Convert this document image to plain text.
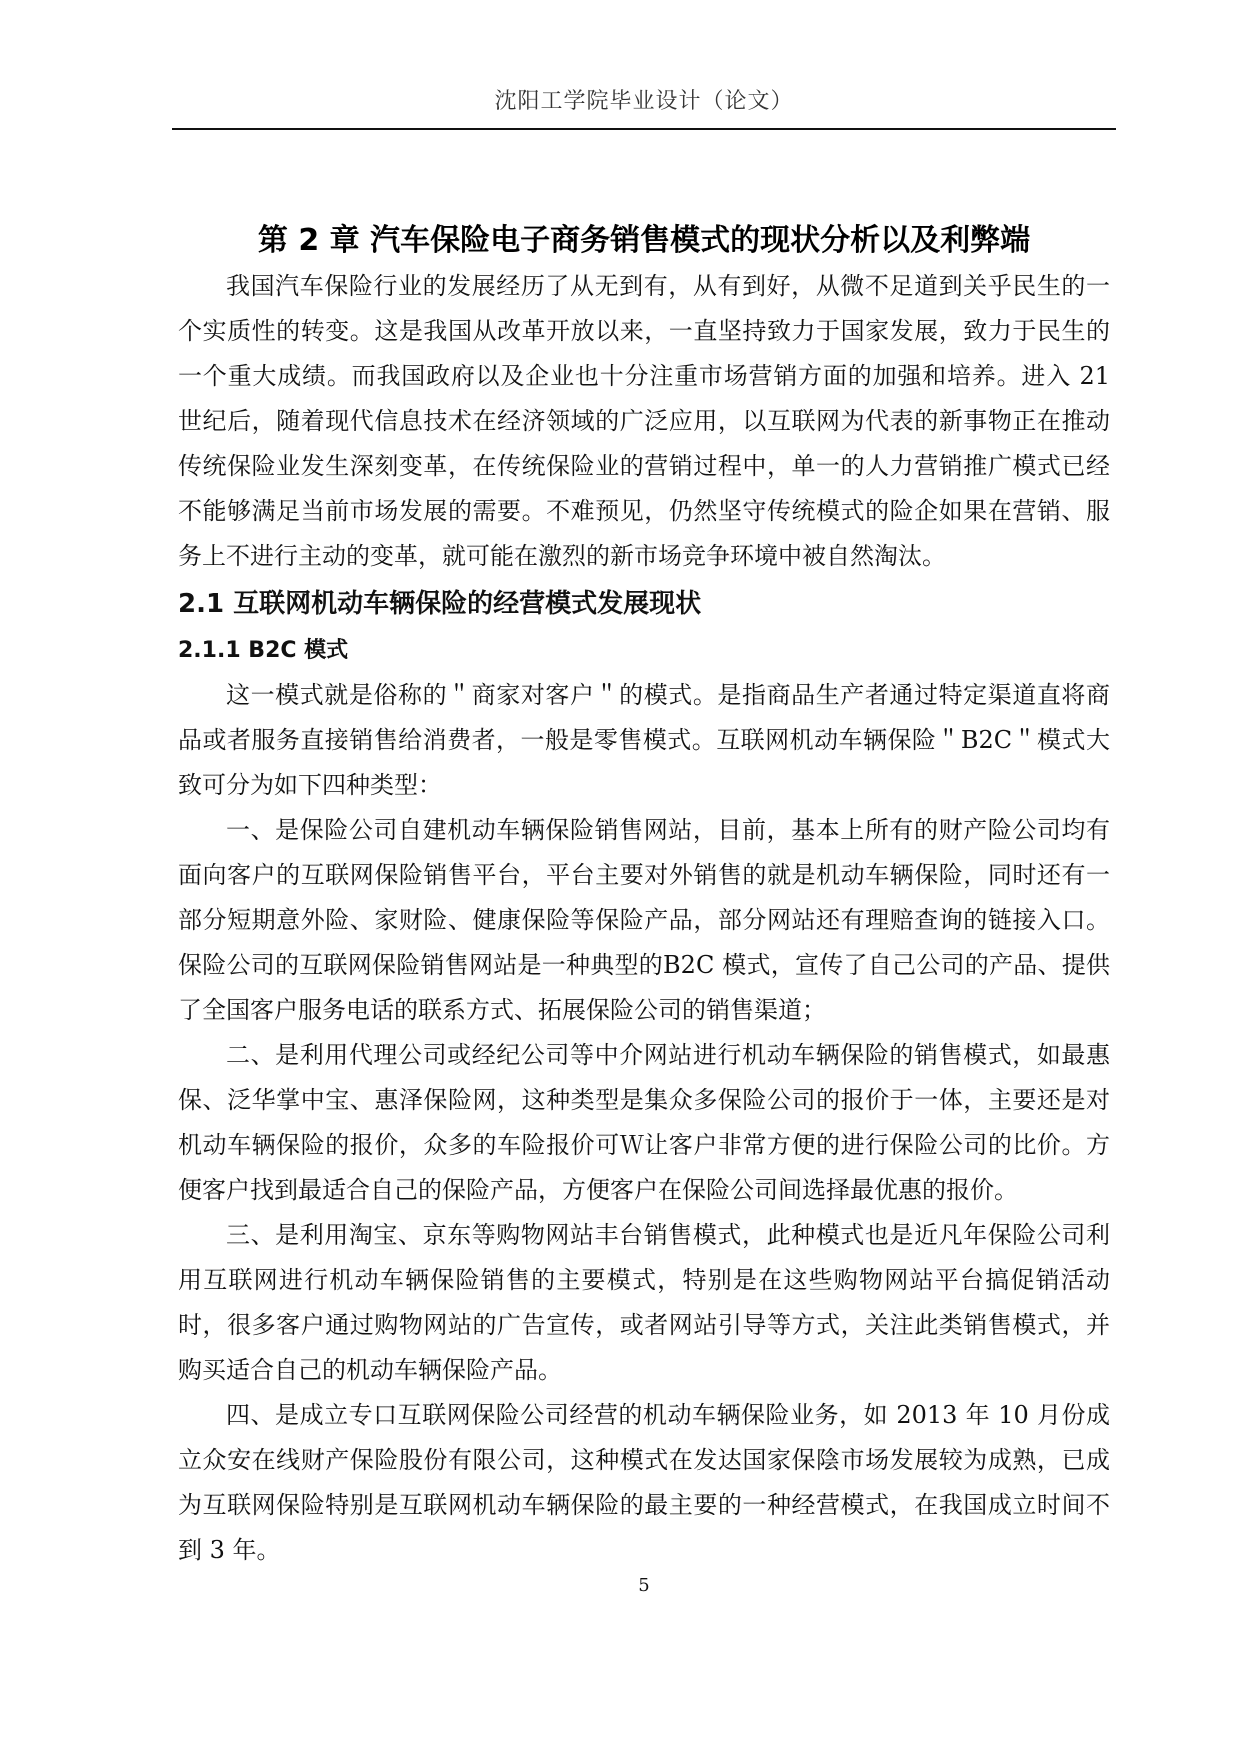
沈阳工学院毕业设计（论文）
第 2 章 汽车保险电子商务销售模式的现状分析以及利弊端

我国汽车保险行业的发展经历了从无到有，从有到好，从微不足道到关乎民生的一个实质性的转变。这是我国从改革开放以来，一直坚持致力于国家发展，致力于民生的一个重大成绩。而我国政府以及企业也十分注重市场营销方面的加强和培养。进入 21 世纪后，随着现代信息技术在经济领域的广泛应用，以互联网为代表的新事物正在推动传统保险业发生深刻变革，在传统保险业的营销过程中，单一的人力营销推广模式已经不能够满足当前市场发展的需要。不难预见，仍然坚守传统模式的险企如果在营销、服务上不进行主动的变革，就可能在激烈的新市场竞争环境中被自然淘汰。

2.1 互联网机动车辆保险的经营模式发展现状

2.1.1 B2C 模式

这一模式就是俗称的＂商家对客户＂的模式。是指商品生产者通过特定渠道直将商品或者服务直接销售给消费者，一般是零售模式。互联网机动车辆保险＂B2C＂模式大致可分为如下四种类型：

一、是保险公司自建机动车辆保险销售网站，目前，基本上所有的财产险公司均有面向客户的互联网保险销售平台，平台主要对外销售的就是机动车辆保险，同时还有一部分短期意外险、家财险、健康保险等保险产品，部分网站还有理赔查询的链接入口。保险公司的互联网保险销售网站是一种典型的B2C 模式，宣传了自己公司的产品、提供了全国客户服务电话的联系方式、拓展保险公司的销售渠道；

二、是利用代理公司或经纪公司等中介网站进行机动车辆保险的销售模式，如最惠保、泛华掌中宝、惠泽保险网，这种类型是集众多保险公司的报价于一体，主要还是对机动车辆保险的报价，众多的车险报价可Ｗ让客户非常方便的进行保险公司的比价。方便客户找到最适合自己的保险产品，方便客户在保险公司间选择最优惠的报价。

三、是利用淘宝、京东等购物网站丰台销售模式，此种模式也是近凡年保险公司利用互联网进行机动车辆保险销售的主要模式，特别是在这些购物网站平台搞促销活动时，很多客户通过购物网站的广告宣传，或者网站引导等方式，关注此类销售模式，并购买适合自己的机动车辆保险产品。

四、是成立专口互联网保险公司经营的机动车辆保险业务，如 2013 年 10 月份成立众安在线财产保险股份有限公司，这种模式在发达国家保陰市场发展较为成熟，已成为互联网保险特别是互联网机动车辆保险的最主要的一种经营模式，在我国成立时间不到 3 年。

5
